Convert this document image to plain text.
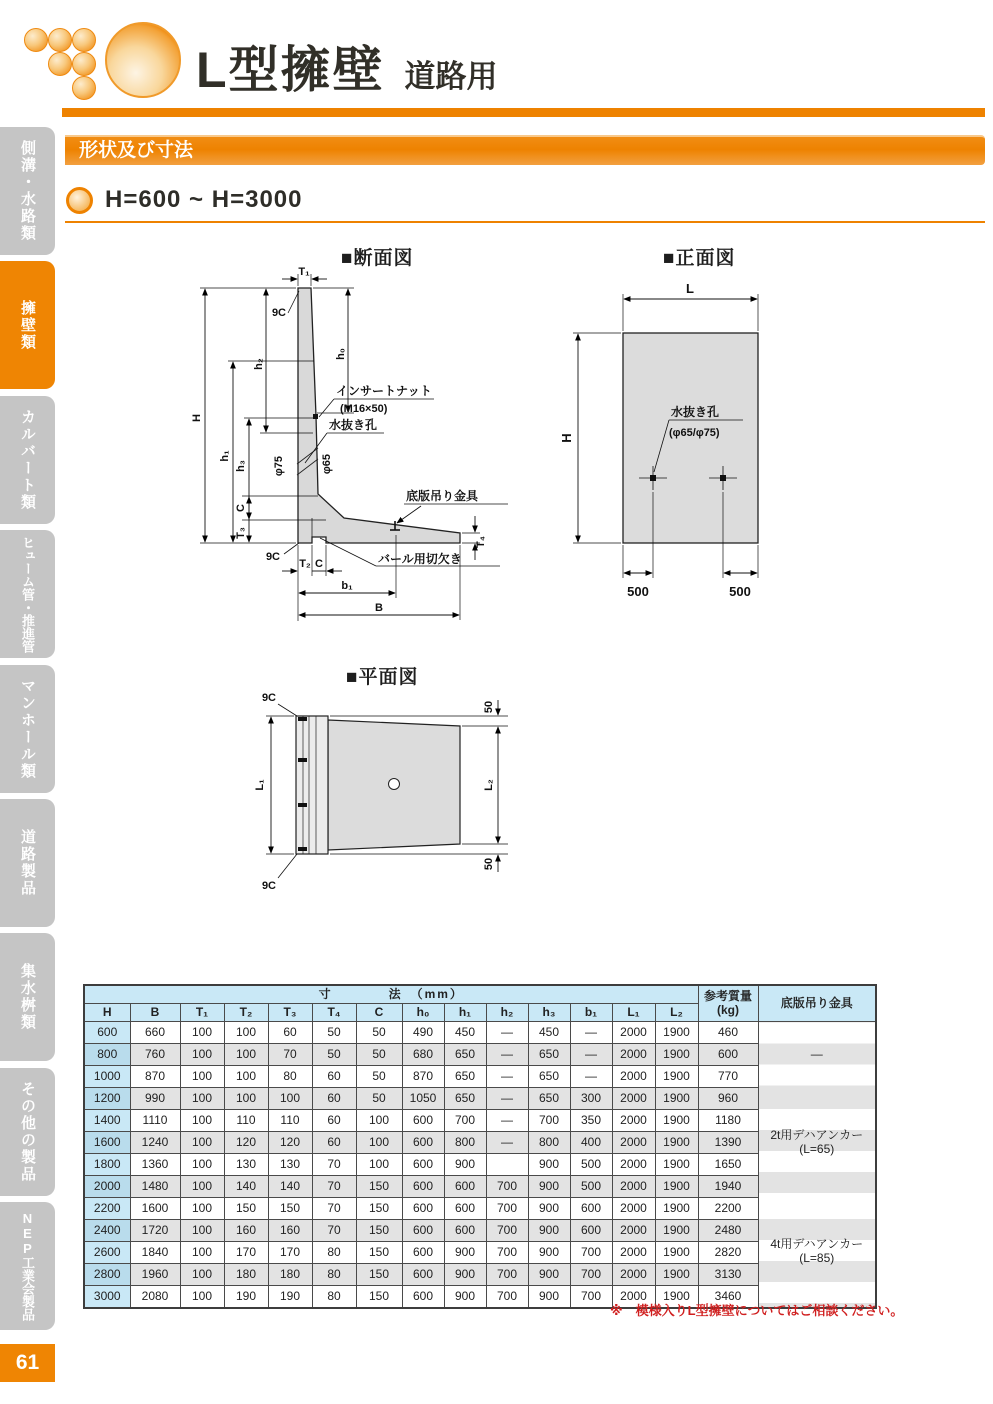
側溝・水路類
擁壁類
カルバート類
ヒューム管・推進管
マンホール類
道路製品
集水桝類
その他の製品
NEP工業会製品
61
L型擁壁 道路用
形状及び寸法
H=600 ~ H=3000
■断面図	■正面図
■平面図
T₁
9C
h₂
h₀
インサートナット
(M16×50)
水抜き孔
φ75	φ65
H
h₁
h₃
C
T₃
9C
T₂ C
b₁
B
T₄
底版吊り金具
バール用切欠き
L
H
水抜き孔
(φ65/φ75)
500	500
9C
9C
L₁	L₂
50
50
寸　　　　法　（mm）														参考質量
(kg)	底版吊り金具
H	B	T₁	T₂	T₃	T₄	C	h₀	h₁	h₂	h₃	b₁	L₁	L₂		
600	660	100	100	60	50	50	490	450	—	450	—	2000	1900	460	—

800	760	100	100	70	50	50	680	650	—	650	—	2000	1900	600	
1000	870	100	100	80	60	50	870	650	—	650	—	2000	1900	770	
1200	990	100	100	100	60	50	1050	650	—	650	300	2000	1900	960	2t用デハアンカー
(L=65)

1400	1110	100	110	110	60	100	600	700	—	700	350	2000	1900	1180	
1600	1240	100	120	120	60	100	600	800	—	800	400	2000	1900	1390	
1800	1360	100	130	130	70	100	600	900		900	500	2000	1900	1650	
2000	1480	100	140	140	70	150	600	600	700	900	500	2000	1900	1940	
2200	1600	100	150	150	70	150	600	600	700	900	600	2000	1900	2200	4t用デハアンカー
(L=85)

2400	1720	100	160	160	70	150	600	600	700	900	600	2000	1900	2480	
2600	1840	100	170	170	80	150	600	900	700	900	700	2000	1900	2820	
2800	1960	100	180	180	80	150	600	900	700	900	700	2000	1900	3130	
3000	2080	100	190	190	80	150	600	900	700	900	700	2000	1900	3460	
※　模様入りL型擁壁についてはご相談ください。
